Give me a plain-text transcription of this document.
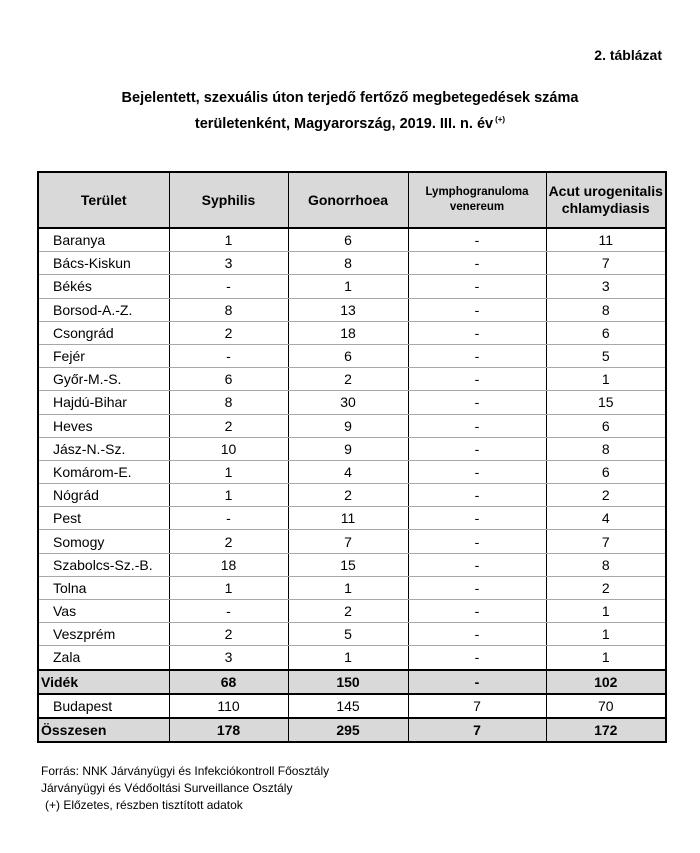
2. táblázat
Bejelentett, szexuális úton terjedő fertőző megbetegedések száma
területenként, Magyarország, 2019. III. n. év (+)
Terület	Syphilis	Gonorrhoea	Lymphogranuloma venereum	Acut urogenitalis chlamydiasis
Baranya	1	6	-	11
Bács-Kiskun	3	8	-	7
Békés	-	1	-	3
Borsod-A.-Z.	8	13	-	8
Csongrád	2	18	-	6
Fejér	-	6	-	5
Győr-M.-S.	6	2	-	1
Hajdú-Bihar	8	30	-	15
Heves	2	9	-	6
Jász-N.-Sz.	10	9	-	8
Komárom-E.	1	4	-	6
Nógrád	1	2	-	2
Pest	-	11	-	4
Somogy	2	7	-	7
Szabolcs-Sz.-B.	18	15	-	8
Tolna	1	1	-	2
Vas	-	2	-	1
Veszprém	2	5	-	1
Zala	3	1	-	1
Vidék	68	150	-	102
Budapest	110	145	7	70
Összesen	178	295	7	172
Forrás: NNK Járványügyi és Infekciókontroll Főosztály
Járványügyi és Védőoltási Surveillance Osztály
(+) Előzetes, részben tisztított adatok
